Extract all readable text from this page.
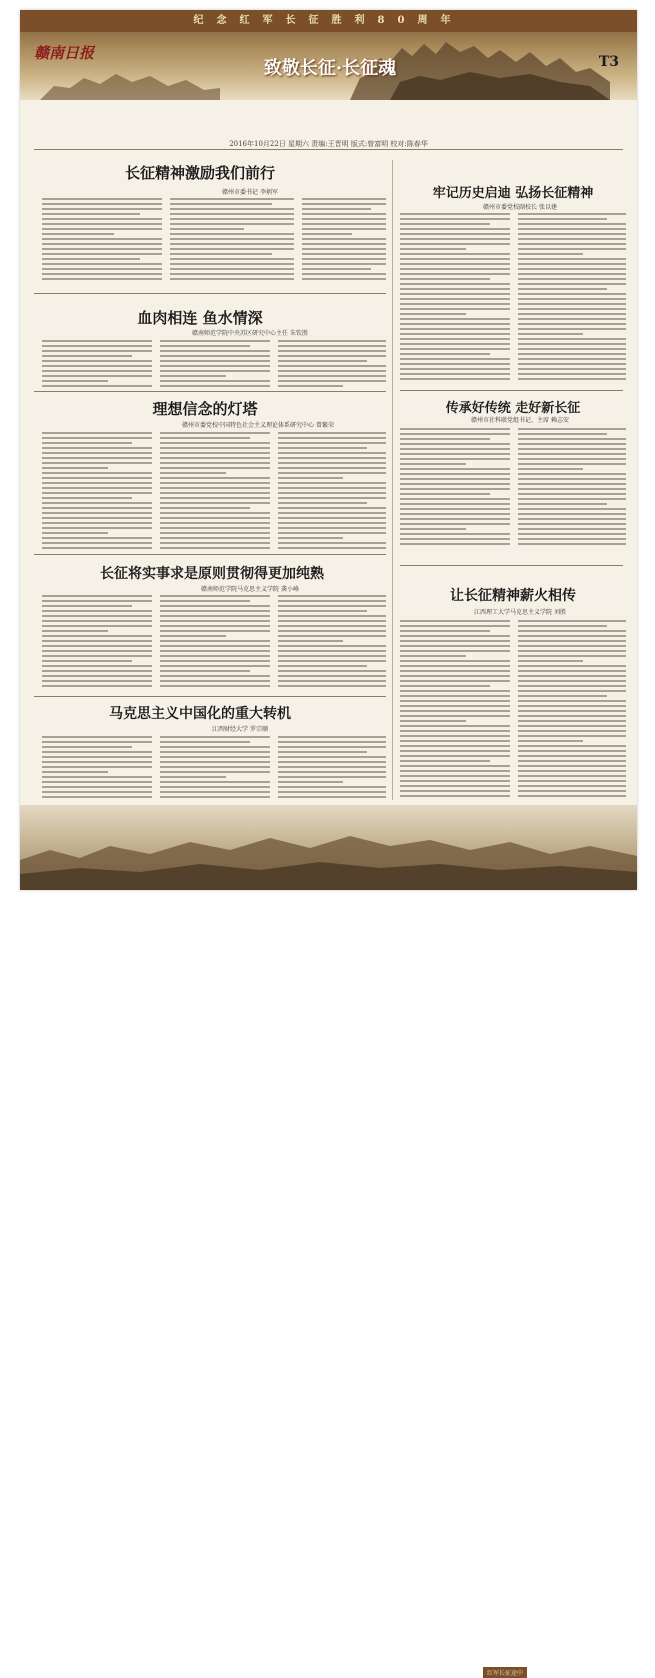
纪念红军长征胜利80周年
赣南日报
致敬长征·长征魂	T3
2016年10月22日 星期六 责编:王晋明 版式:曾富明 校对:陈春华
长征精神激励我们前行
赣州市委书记 李炳军	牢记历史启迪 弘扬长征精神
赣州市委党校副校长 张以建
血肉相连 鱼水情深
赣南师范学院中央苏区研究中心主任 朱钦胜
传承好传统 走好新长征
赣州市社科联党组书记、主席 赖志安
理想信念的灯塔
赣州市委党校中国特色社会主义理论体系研究中心 曾繁荣
长征将实事求是原则贯彻得更加纯熟
赣南师范学院马克思主义学院 龚小峰	让长征精神薪火相传
江西理工大学马克思主义学院 刘胜
马克思主义中国化的重大转机
江西财经大学 罗宗顺
红军长征途中
